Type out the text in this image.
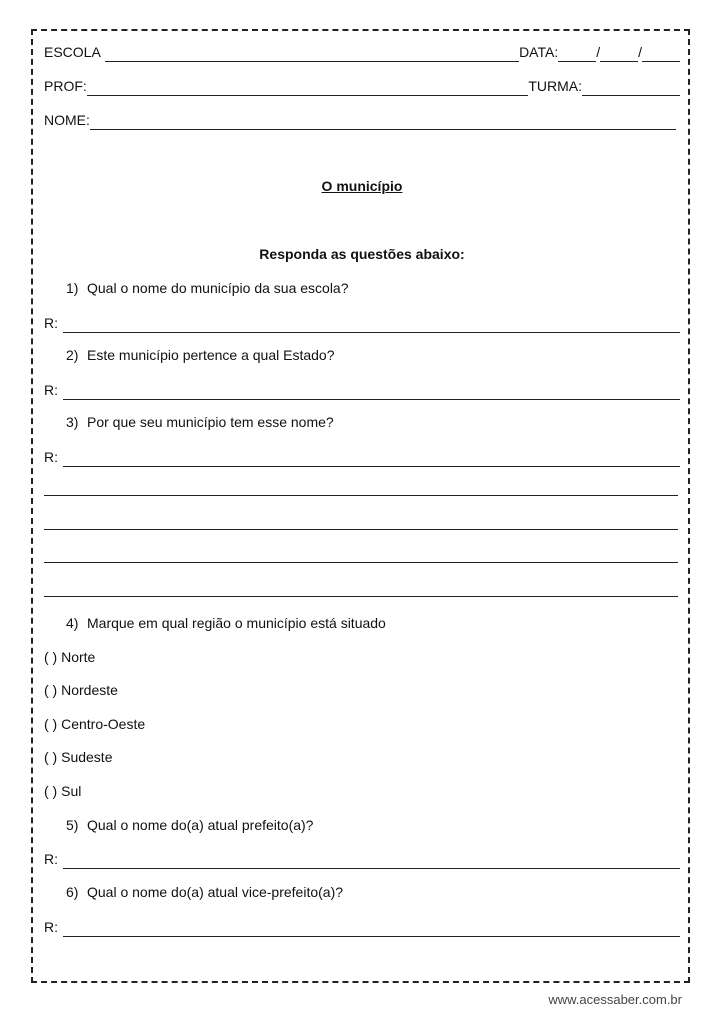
ESCOLA	DATA:	/	/
PROF:	TURMA:
NOME:
O município
Responda as questões abaixo:
1) Qual o nome do município da sua escola?
R:
2) Este município pertence a qual Estado?
R:
3) Por que seu município tem esse nome?
R:
4) Marque em qual região o município está situado
( ) Norte
( ) Nordeste
( ) Centro-Oeste
( ) Sudeste
( ) Sul
5) Qual o nome do(a) atual prefeito(a)?
R:
6) Qual o nome do(a) atual vice-prefeito(a)?
R:
www.acessaber.com.br
